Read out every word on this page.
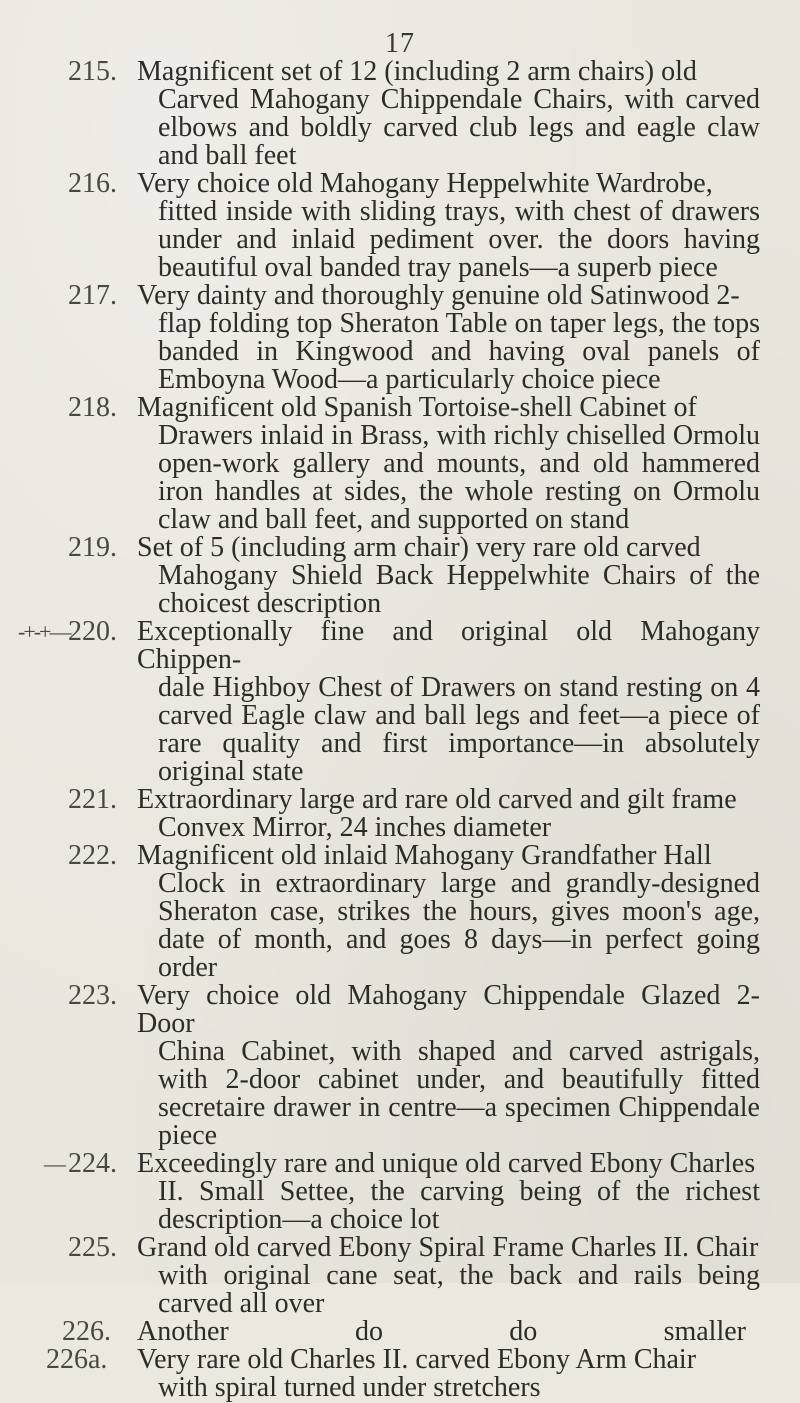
17
215. Magnificent set of 12 (including 2 arm chairs) old
Carved Mahogany Chippendale Chairs, with carved elbows and boldly carved club legs and eagle claw and ball feet
216. Very choice old Mahogany Heppelwhite Wardrobe,
fitted inside with sliding trays, with chest of drawers under and inlaid pediment over. the doors having beautiful oval banded tray panels—a superb piece
217. Very dainty and thoroughly genuine old Satinwood 2-
flap folding top Sheraton Table on taper legs, the tops banded in Kingwood and having oval panels of Emboyna Wood—a particularly choice piece
218. Magnificent old Spanish Tortoise-shell Cabinet of
Drawers inlaid in Brass, with richly chiselled Ormolu open-work gallery and mounts, and old hammered iron handles at sides, the whole resting on Ormolu claw and ball feet, and supported on stand
219. Set of 5 (including arm chair) very rare old carved
Mahogany Shield Back Heppelwhite Chairs of the choicest description
-+-+—
220. Exceptionally fine and original old Mahogany Chippen-
dale Highboy Chest of Drawers on stand resting on 4 carved Eagle claw and ball legs and feet—a piece of rare quality and first importance—in absolutely original state
221. Extraordinary large ard rare old carved and gilt frame
Convex Mirror, 24 inches diameter
222. Magnificent old inlaid Mahogany Grandfather Hall
Clock in extraordinary large and grandly-designed Sheraton case, strikes the hours, gives moon's age, date of month, and goes 8 days—in perfect going order
223. Very choice old Mahogany Chippendale Glazed 2-Door
China Cabinet, with shaped and carved astrigals, with 2-door cabinet under, and beautifully fitted secretaire drawer in centre—a specimen Chippendale piece
— 224. Exceedingly rare and unique old carved Ebony Charles
II. Small Settee, the carving being of the richest description—a choice lot
225. Grand old carved Ebony Spiral Frame Charles II. Chair
with original cane seat, the back and rails being carved all over
226. Another	do	do	smaller
226a. Very rare old Charles II. carved Ebony Arm Chair
with spiral turned under stretchers
